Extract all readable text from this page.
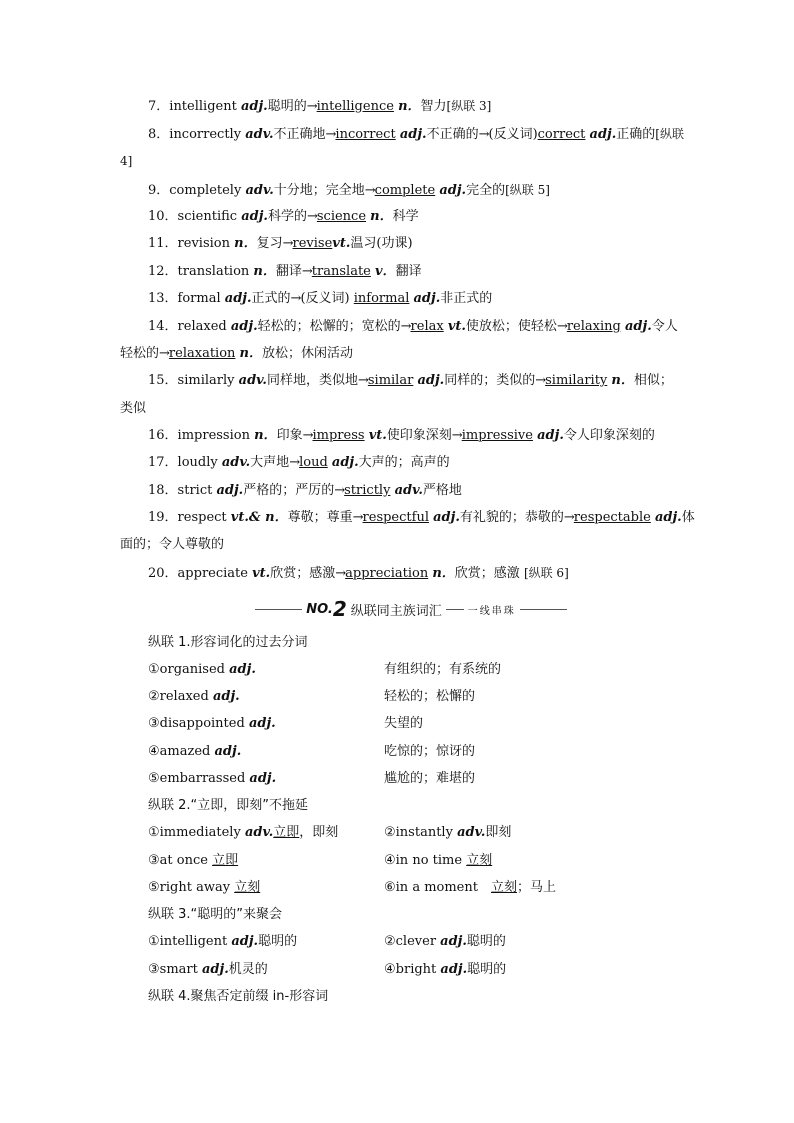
7．intelligent adj.聪明的→intelligence n．智力[纵联 3]
8．incorrectly adv.不正确地→incorrect adj.不正确的→(反义词)correct adj.正确的[纵联
4]
9．completely adv.十分地；完全地→complete adj.完全的[纵联 5]
10．scientific adj.科学的→science n．科学
11．revision n．复习→revisevt.温习(功课)
12．translation n．翻译→translate v．翻译
13．formal adj.正式的→(反义词) informal adj.非正式的
14．relaxed adj.轻松的；松懈的；宽松的→relax vt.使放松；使轻松→relaxing adj.令人
轻松的→relaxation n．放松；休闲活动
15．similarly adv.同样地，类似地→similar adj.同样的；类似的→similarity n．相似；
类似
16．impression n．印象→impress vt.使印象深刻→impressive adj.令人印象深刻的
17．loudly adv.大声地→loud adj.大声的；高声的
18．strict adj.严格的；严厉的→strictly adv.严格地
19．respect vt.& n．尊敬；尊重→respectful adj.有礼貌的；恭敬的→respectable adj.体
面的；令人尊敬的
20．appreciate vt.欣赏；感激→appreciation n．欣赏；感激 [纵联 6]
NO. 2 纵联同主族词汇	一线串珠
纵联 1.形容词化的过去分词
①organised adj.	有组织的；有系统的
②relaxed adj.	轻松的；松懈的
③disappointed adj.	失望的
④amazed adj.	吃惊的；惊讶的
⑤embarrassed adj.	尴尬的；难堪的
纵联 2.“立即，即刻”不拖延
①immediately adv.立即，即刻	②instantly adv.即刻
③at once 立即	④in no time 立刻
⑤right away 立刻	⑥in a moment　立刻；马上
纵联 3.“聪明的”来聚会
①intelligent adj.聪明的	②clever adj.聪明的
③smart adj.机灵的	④bright adj.聪明的
纵联 4.聚焦否定前缀 in-形容词
